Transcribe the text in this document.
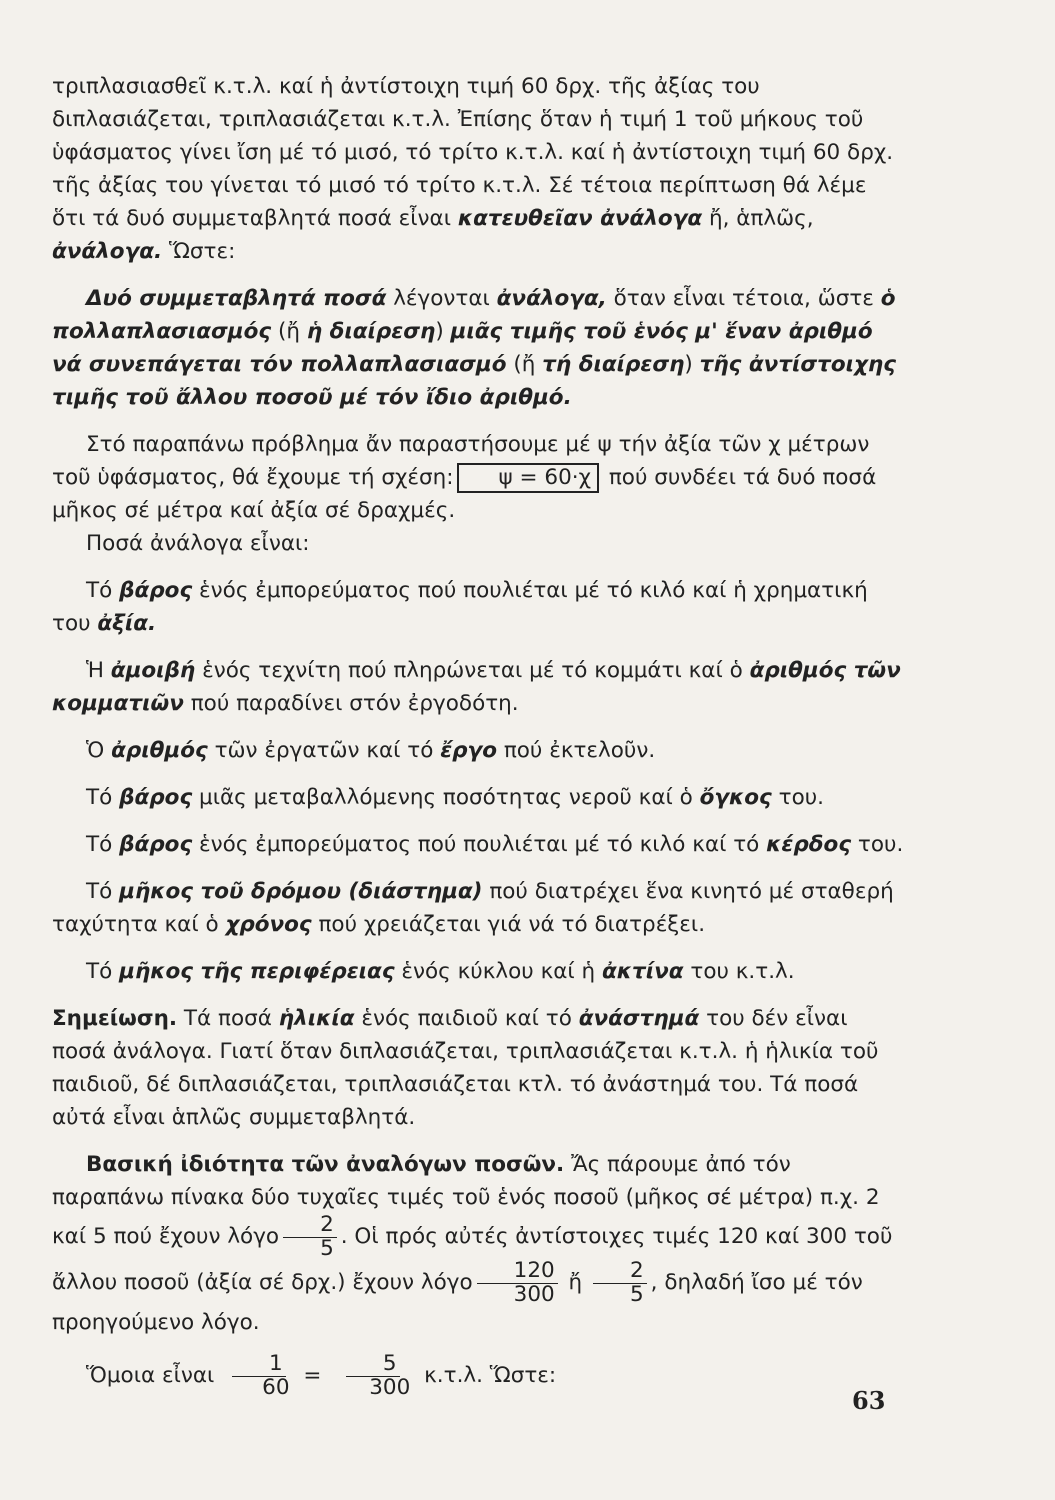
τριπλασιασθεῖ κ.τ.λ. καί ἡ ἀντίστοιχη τιμή 60 δρχ. τῆς ἀξίας του διπλασιάζεται, τριπλασιάζεται κ.τ.λ. Ἐπίσης ὅταν ἡ τιμή 1 τοῦ μήκους τοῦ ὑφάσματος γίνει ἴση μέ τό μισό, τό τρίτο κ.τ.λ. καί ἡ ἀντίστοιχη τιμή 60 δρχ. τῆς ἀξίας του γίνεται τό μισό τό τρίτο κ.τ.λ. Σέ τέτοια περίπτωση θά λέμε ὅτι τά δυό συμμεταβλητά ποσά εἶναι κατευθεῖαν ἀνάλογα ἤ, ἁπλῶς, ἀνάλογα. Ὥστε:

Δυό συμμεταβλητά ποσά λέγονται ἀνάλογα, ὅταν εἶναι τέτοια, ὥστε ὁ πολλαπλασιασμός (ἤ ἡ διαίρεση) μιᾶς τιμῆς τοῦ ἑνός μ' ἕναν ἀριθμό νά συνεπάγεται τόν πολλαπλασιασμό (ἤ τή διαίρεση) τῆς ἀντίστοιχης τιμῆς τοῦ ἄλλου ποσοῦ μέ τόν ἴδιο ἀριθμό.

Στό παραπάνω πρόβλημα ἄν παραστήσουμε μέ ψ τήν ἀξία τῶν χ μέτρων τοῦ ὑφάσματος, θά ἔχουμε τή σχέση: ψ = 60·χ πού συνδέει τά δυό ποσά μῆκος σέ μέτρα καί ἀξία σέ δραχμές.

Ποσά ἀνάλογα εἶναι:

Τό βάρος ἑνός ἐμπορεύματος πού πουλιέται μέ τό κιλό καί ἡ χρηματική του ἀξία.

Ἡ ἀμοιβή ἑνός τεχνίτη πού πληρώνεται μέ τό κομμάτι καί ὁ ἀριθμός τῶν κομματιῶν πού παραδίνει στόν ἐργοδότη.

Ὁ ἀριθμός τῶν ἐργατῶν καί τό ἔργο πού ἐκτελοῦν.

Τό βάρος μιᾶς μεταβαλλόμενης ποσότητας νεροῦ καί ὁ ὄγκος του.

Τό βάρος ἑνός ἐμπορεύματος πού πουλιέται μέ τό κιλό καί τό κέρδος του.

Τό μῆκος τοῦ δρόμου (διάστημα) πού διατρέχει ἕνα κινητό μέ σταθερή ταχύτητα καί ὁ χρόνος πού χρειάζεται γιά νά τό διατρέξει.

Τό μῆκος τῆς περιφέρειας ἑνός κύκλου καί ἡ ἀκτίνα του κ.τ.λ.

Σημείωση. Τά ποσά ἡλικία ἑνός παιδιοῦ καί τό ἀνάστημά του δέν εἶναι ποσά ἀνάλογα. Γιατί ὅταν διπλασιάζεται, τριπλασιάζεται κ.τ.λ. ἡ ἡλικία τοῦ παιδιοῦ, δέ διπλασιάζεται, τριπλασιάζεται κτλ. τό ἀνάστημά του. Τά ποσά αὐτά εἶναι ἁπλῶς συμμεταβλητά.

Βασική ἰδιότητα τῶν ἀναλόγων ποσῶν. Ἄς πάρουμε ἀπό τόν παραπάνω πίνακα δύο τυχαῖες τιμές τοῦ ἑνός ποσοῦ (μῆκος σέ μέτρα) π.χ. 2 καί 5 πού ἔχουν λόγο $\frac{2}{5}$ . Οἱ πρός αὐτές ἀντίστοιχες τιμές 120 καί 300 τοῦ ἄλλου ποσοῦ (ἀξία σέ δρχ.) ἔχουν λόγο $\frac{120}{300}$ ἤ $\frac{2}{5}$ , δηλαδή ἴσο μέ τόν προηγούμενο λόγο.

Ὅμοια εἶναι $\frac{1}{60} = \frac{5}{300} \kappa.\tau.\lambda$. Ὥστε:

63
